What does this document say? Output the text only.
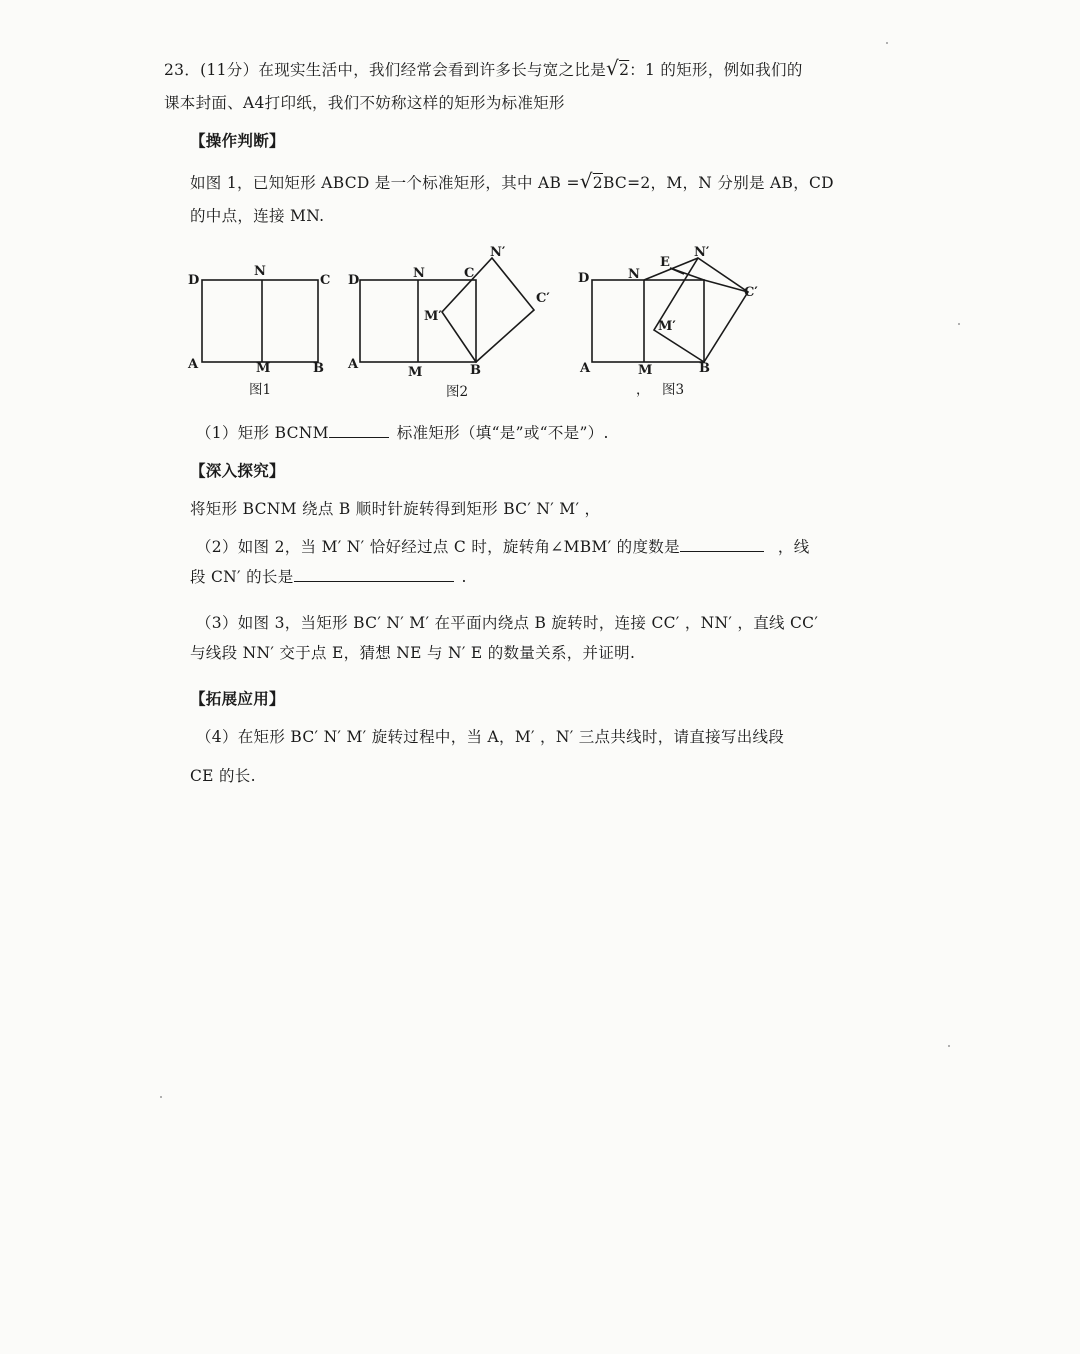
23．(11分）在现实生活中，我们经常会看到许多长与宽之比是√2：1 的矩形，例如我们的
课本封面、A4打印纸，我们不妨称这样的矩形为标准矩形
【操作判断】
如图 1，已知矩形 ABCD 是一个标准矩形，其中 AB =√2BC=2，M，N 分别是 AB，CD
的中点，连接 MN.
D
N
C
A	M	B
图1
D	N	C
N′
C′
M′
A
M	B
图2
D	N
E
N′
C′
M′
A	M	B
， 图3
（1）矩形 BCNM	标准矩形（填“是”或“不是”）.
【深入探究】
将矩形 BCNM 绕点 B 顺时针旋转得到矩形 BC′ N′ M′ ，
（2）如图 2，当 M′ N′ 恰好经过点 C 时，旋转角∠MBM′ 的度数是	，线
段 CN′ 的长是	.
（3）如图 3，当矩形 BC′ N′ M′ 在平面内绕点 B 旋转时，连接 CC′ ，NN′ ，直线 CC′
与线段 NN′ 交于点 E，猜想 NE 与 N′ E 的数量关系，并证明.
【拓展应用】
（4）在矩形 BC′ N′ M′ 旋转过程中，当 A，M′ ，N′ 三点共线时，请直接写出线段
CE 的长.
